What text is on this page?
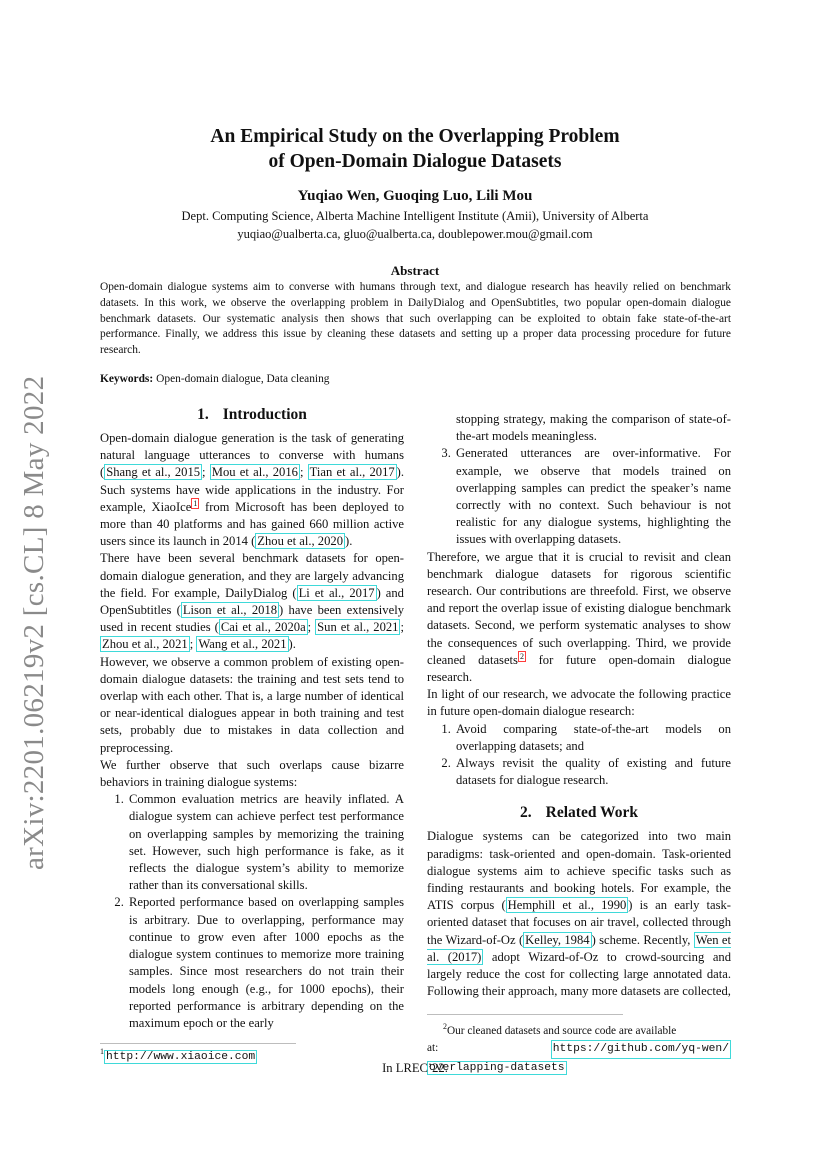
arXiv:2201.06219v2 [cs.CL] 8 May 2022
An Empirical Study on the Overlapping Problem
of Open-Domain Dialogue Datasets
Yuqiao Wen, Guoqing Luo, Lili Mou
Dept. Computing Science, Alberta Machine Intelligent Institute (Amii), University of Alberta
yuqiao@ualberta.ca, gluo@ualberta.ca, doublepower.mou@gmail.com
Abstract
Open-domain dialogue systems aim to converse with humans through text, and dialogue research has heavily relied on benchmark datasets. In this work, we observe the overlapping problem in DailyDialog and OpenSubtitles, two popular open-domain dialogue benchmark datasets. Our systematic analysis then shows that such overlapping can be exploited to obtain fake state-of-the-art performance. Finally, we address this issue by cleaning these datasets and setting up a proper data processing procedure for future research.
Keywords: Open-domain dialogue, Data cleaning
1. Introduction

Open-domain dialogue generation is the task of generating natural language utterances to converse with humans ( Shang et al., 2015 ; Mou et al., 2016 ; Tian et al., 2017 ). Such systems have wide applications in the industry. For example, XiaoIce $^1$ from Microsoft has been deployed to more than 40 platforms and has gained 660 million active users since its launch in 2014 ( Zhou et al., 2020 ).

There have been several benchmark datasets for open-domain dialogue generation, and they are largely advancing the field. For example, DailyDialog ( Li et al., 2017 ) and OpenSubtitles ( Lison et al., 2018 ) have been extensively used in recent studies ( Cai et al., 2020a ; Sun et al., 2021 ; Zhou et al., 2021 ; Wang et al., 2021 ).

However, we observe a common problem of existing open-domain dialogue datasets: the training and test sets tend to overlap with each other. That is, a large number of identical or near-identical dialogues appear in both training and test sets, probably due to mistakes in data collection and preprocessing.

We further observe that such overlaps cause bizarre behaviors in training dialogue systems:

1. Common evaluation metrics are heavily inflated. A dialogue system can achieve perfect test performance on overlapping samples by memorizing the training set. However, such high performance is fake, as it reflects the dialogue system’s ability to memorize rather than its conversational skills.
2. Reported performance based on overlapping samples is arbitrary. Due to overlapping, performance may continue to grow even after 1000 epochs as the dialogue system continues to memorize more training samples. Since most researchers do not train their models long enough (e.g., for 1000 epochs), their reported performance is arbitrary depending on the maximum epoch or the early
stopping strategy, making the comparison of state-of-the-art models meaningless.
3. Generated utterances are over-informative. For example, we observe that models trained on overlapping samples can predict the speaker’s name correctly with no context. Such behaviour is not realistic for any dialogue systems, highlighting the issues with overlapping datasets.

Therefore, we argue that it is crucial to revisit and clean benchmark dialogue datasets for rigorous scientific research. Our contributions are threefold. First, we observe and report the overlap issue of existing dialogue benchmark datasets. Second, we perform systematic analyses to show the consequences of such overlapping. Third, we provide cleaned datasets $^2$ for future open-domain dialogue research.

In light of our research, we advocate the following practice in future open-domain dialogue research:

1. Avoid comparing state-of-the-art models on overlapping datasets; and
2. Always revisit the quality of existing and future datasets for dialogue research.
2. Related Work

Dialogue systems can be categorized into two main paradigms: task-oriented and open-domain. Task-oriented dialogue systems aim to achieve specific tasks such as finding restaurants and booking hotels. For example, the ATIS corpus ( Hemphill et al., 1990 ) is an early task-oriented dataset that focuses on air travel, collected through the Wizard-of-Oz ( Kelley, 1984 ) scheme. Recently, Wen et al. (2017) adopt Wizard-of-Oz to crowd-sourcing and largely reduce the cost for collecting large annotated data. Following their approach, many more datasets are collected,

$^1$ http://www.xiaoice.com
$^2$Our cleaned datasets and source code are available
at:	https://github.com/yq-wen/
overlapping-datasets
In LREC’22.
